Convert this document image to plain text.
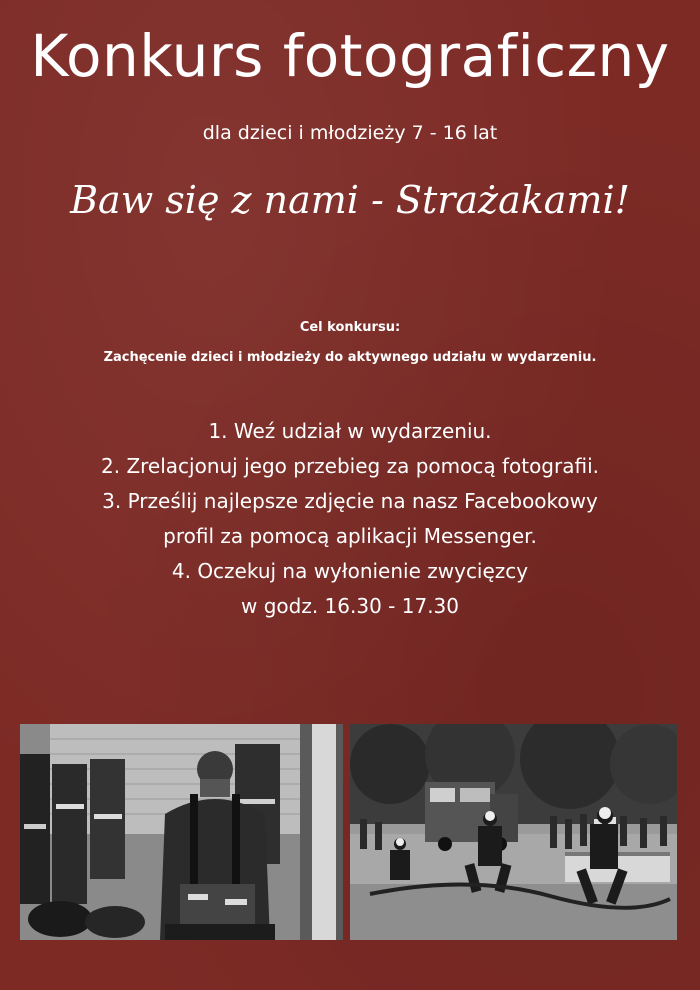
Konkurs fotograficzny
dla dzieci i młodzieży 7 - 16 lat
Baw się z nami - Strażakami!
Cel konkursu:
Zachęcenie dzieci i młodzieży do aktywnego udziału w wydarzeniu.
1. Weź udział w wydarzeniu.
2. Zrelacjonuj jego przebieg za pomocą fotografii.
3. Prześlij najlepsze zdjęcie na nasz Facebookowy
profil za pomocą aplikacji Messenger.
4. Oczekuj na wyłonienie zwycięzcy
w godz. 16.30 - 17.30
